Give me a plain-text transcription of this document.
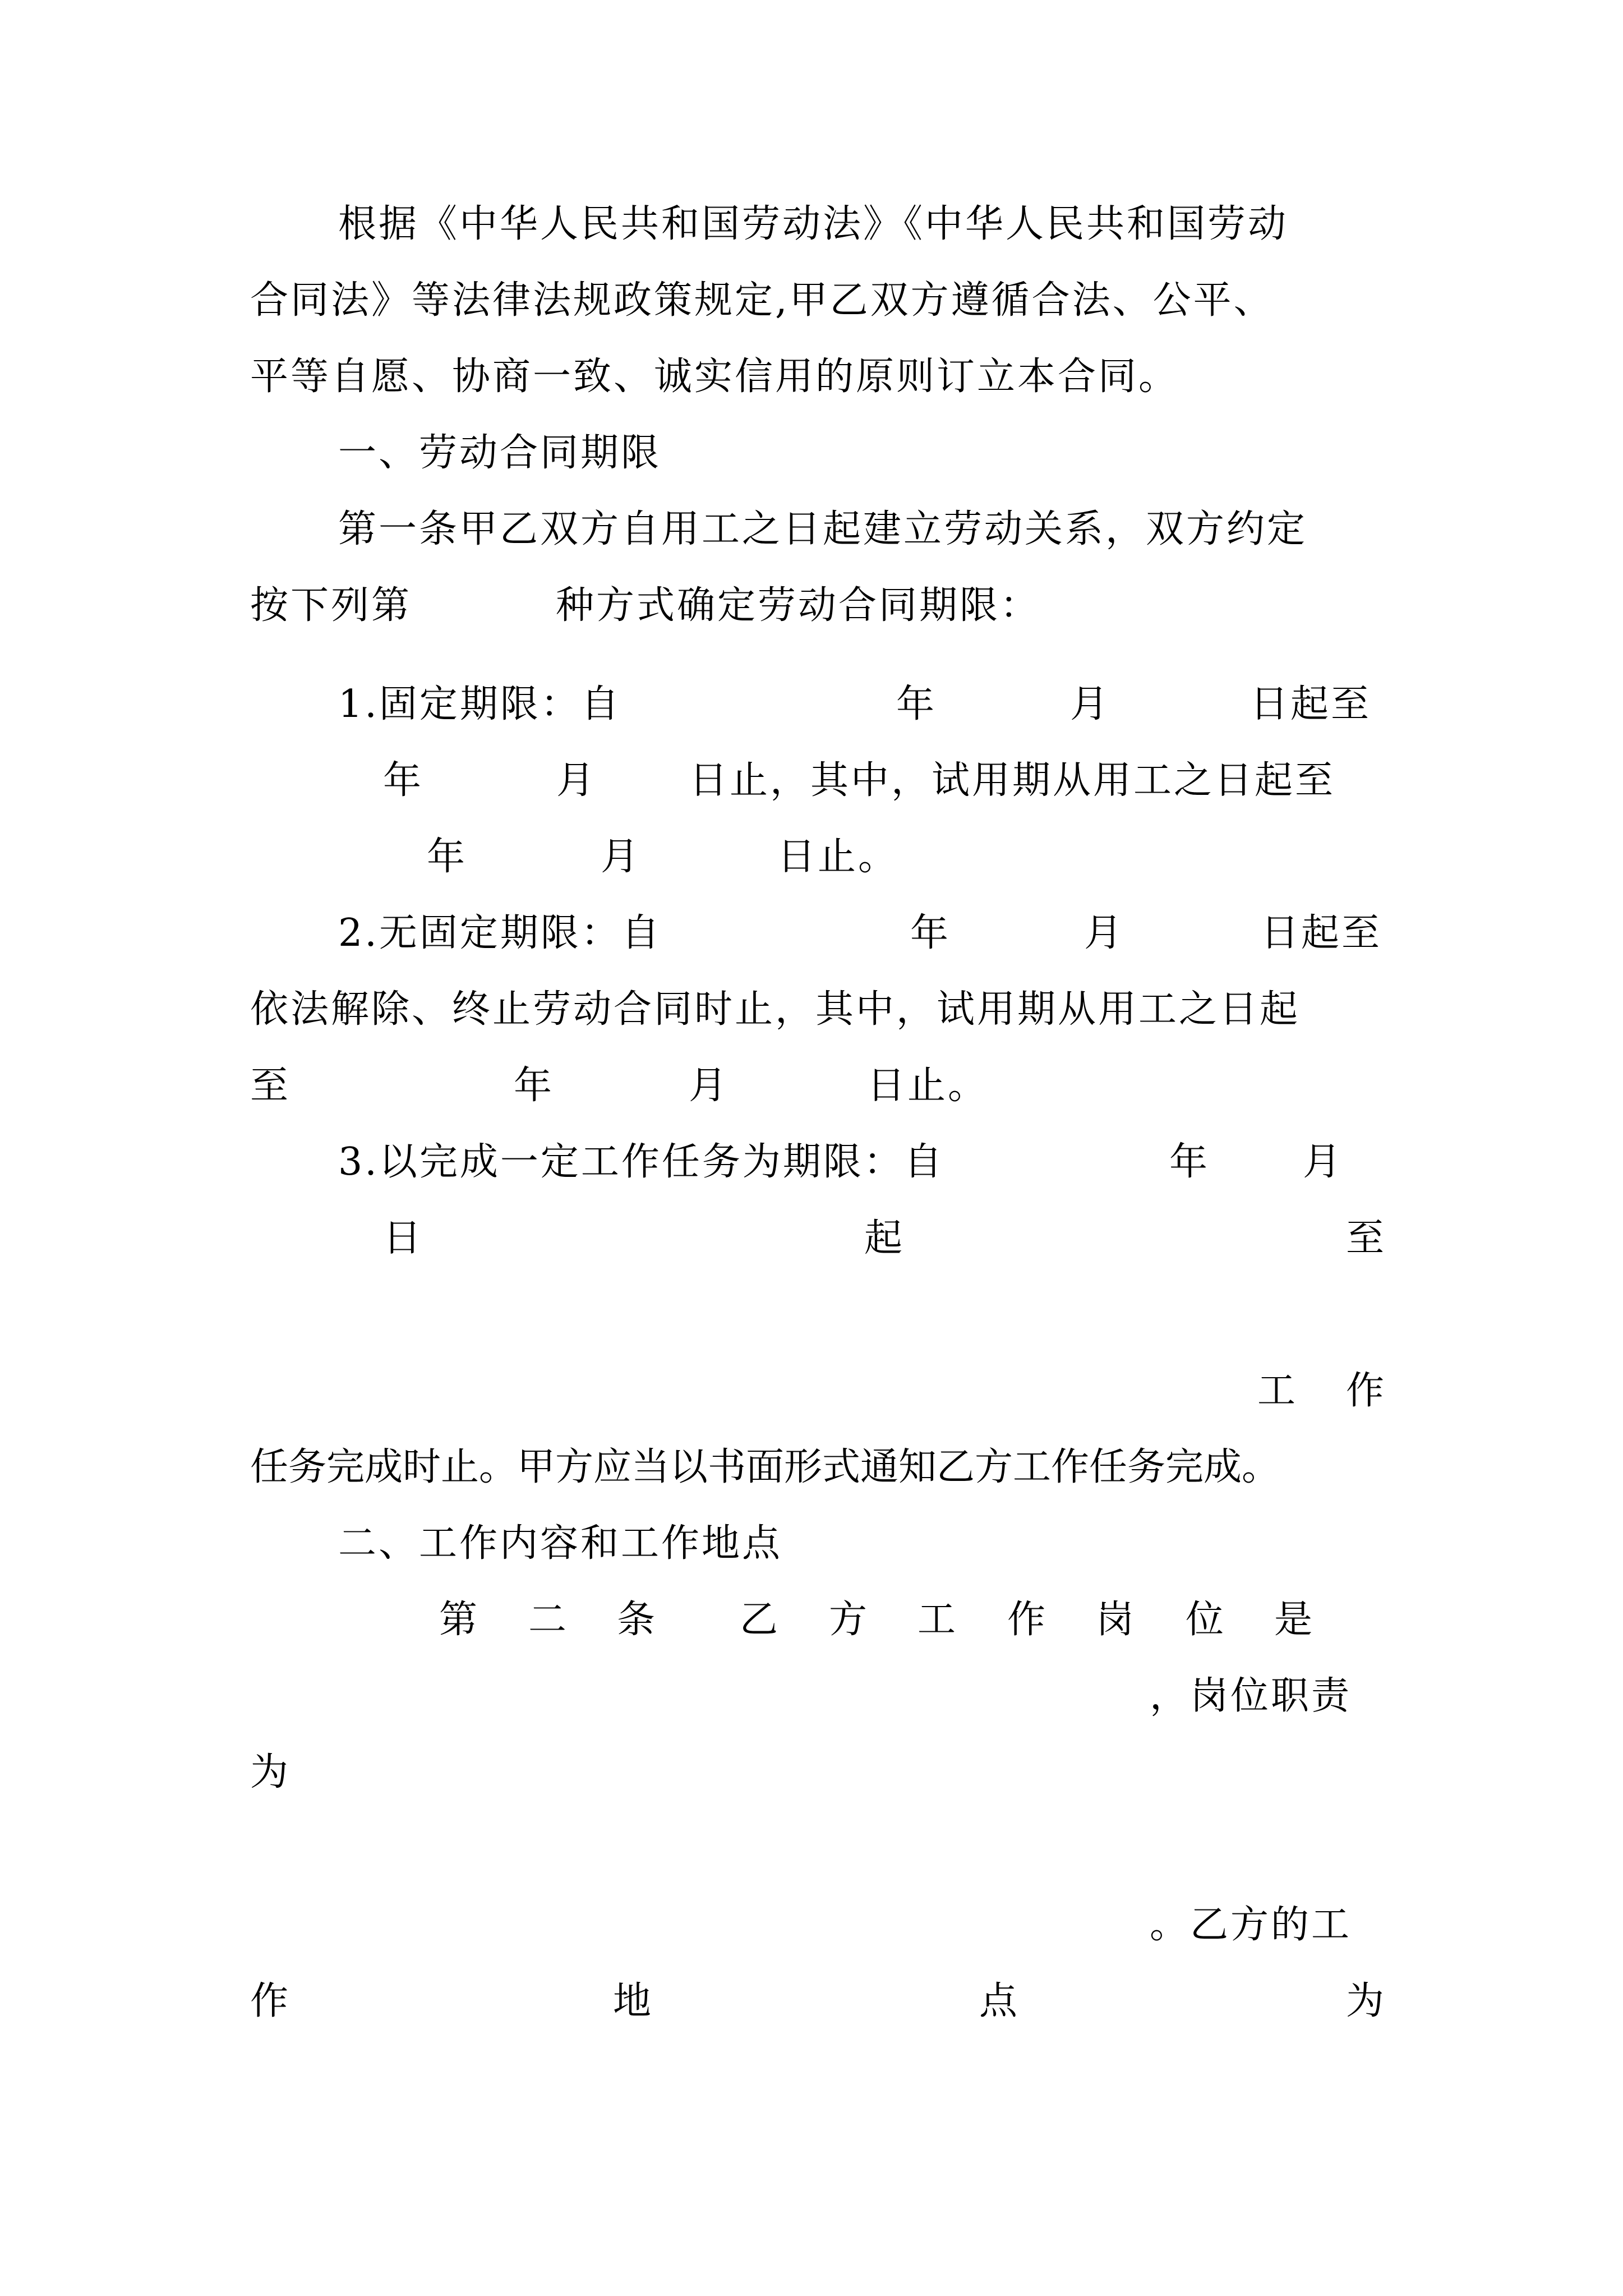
根据《中华人民共和国劳动法》《中华人民共和国劳动
合同法》等法律法规政策规定,甲乙双方遵循合法、公平、
平等自愿、协商一致、诚实信用的原则订立本合同。
一、劳动合同期限
第一条甲乙双方自用工之日起建立劳动关系，双方约定
按下列第	种方式确定劳动合同期限：
1.固定期限：自	年	月	日起至
年	月 日止，其中，试用期从用工之日起至
年	月	日止。
2.无固定期限：自	年	月	日起至
依法解除、终止劳动合同时止，其中，试用期从用工之日起
至	年	月	日止。
3.以完成一定工作任务为期限：自	年 月
日	起	至
工 作
任务完成时止。甲方应当以书面形式通知乙方工作任务完成。
二、工作内容和工作地点
第 二 条 乙 方 工 作 岗 位 是
，岗位职责
为
。乙方的工
作	地	点	为
